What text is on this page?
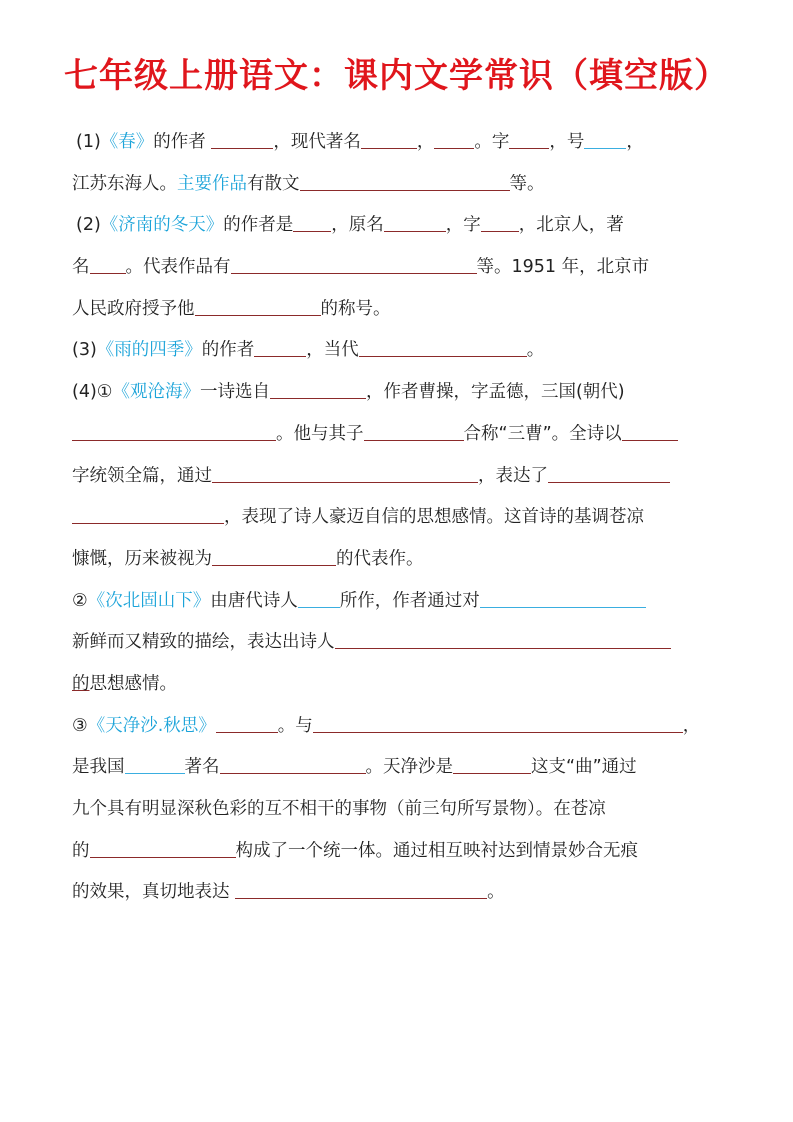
七年级上册语文：课内文学常识（填空版）
(1)《春》的作者	，现代著名	， 。字 ，号 ，
江苏东海人。主要作品有散文	等。
(2)《济南的冬天》的作者是 ，原名	，字 ，北京人，著
名 。代表作品有	等。1951 年，北京市
人民政府授予他	的称号。
(3)《雨的四季》的作者	，当代	。
(4)①《观沧海》一诗选自	，作者曹操，字孟德，三国(朝代)
。他与其子	合称“三曹”。全诗以
字统领全篇，通过	，表达了
，表现了诗人豪迈自信的思想感情。这首诗的基调苍凉
慷慨，历来被视为	的代表作。
②《次北固山下》由唐代诗人 所作，作者通过对
新鲜而又精致的描绘，表达出诗人
的思想感情。
③《天净沙.秋思》	。与	，
是我国	著名	。天净沙是	这支“曲”通过
九个具有明显深秋色彩的互不相干的事物（前三句所写景物）。在苍凉
的	构成了一个统一体。通过相互映衬达到情景妙合无痕
的效果，真切地表达	。
